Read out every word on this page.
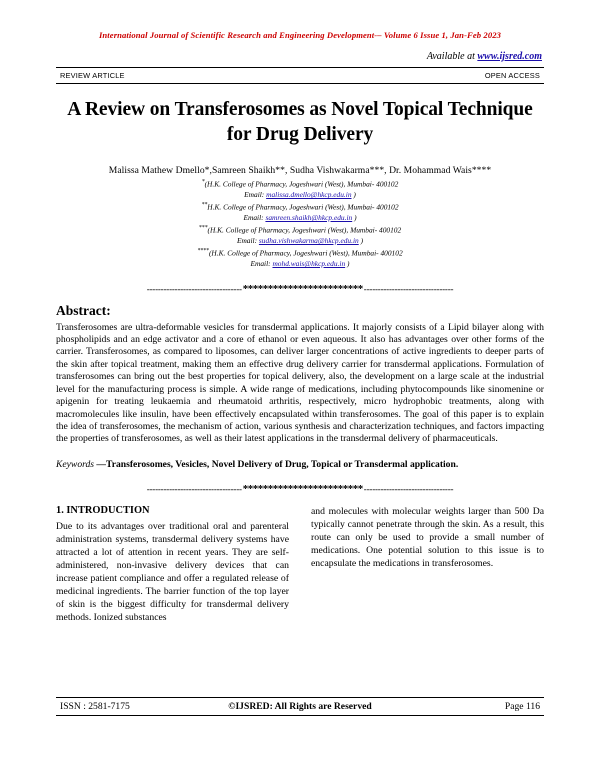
International Journal of Scientific Research and Engineering Development-– Volume 6 Issue 1, Jan-Feb 2023
Available at www.ijsred.com
REVIEW ARTICLE	OPEN ACCESS
A Review on Transferosomes as Novel Topical Technique for Drug Delivery
Malissa Mathew Dmello*,Samreen Shaikh**, Sudha Vishwakarma***, Dr. Mohammad Wais****
*(H.K. College of Pharmacy, Jogeshwari (West), Mumbai- 400102
Email: malissa.dmello@hkcp.edu.in )
**H.K. College of Pharmacy, Jogeshwari (West), Mumbai- 400102
Email: samreen.shaikh@hkcp.edu.in )
***(H.K. College of Pharmacy, Jogeshwari (West), Mumbai- 400102
Email: sudha.vishwakarma@hkcp.edu.in )
****(H.K. College of Pharmacy, Jogeshwari (West), Mumbai- 400102
Email: mohd.wais@hkcp.edu.in )
---------------------------------- ************************ --------------------------------
Abstract:

Transferosomes are ultra-deformable vesicles for transdermal applications. It majorly consists of a Lipid bilayer along with phospholipids and an edge activator and a core of ethanol or even aqueous. It also has advantages over other forms of the carrier. Transferosomes, as compared to liposomes, can deliver larger concentrations of active ingredients to deeper parts of the skin after topical treatment, making them an effective drug delivery carrier for transdermal applications. Formulation of transferosomes can bring out the best properties for topical delivery, also, the development on a large scale at the industrial level for the manufacturing process is simple. A wide range of medications, including phytocompounds like sinomenine or apigenin for treating leukaemia and rheumatoid arthritis, respectively, micro hydrophobic treatments, along with macromolecules like insulin, have been effectively encapsulated within transferosomes. The goal of this paper is to explain the idea of transferosomes, the mechanism of action, various synthesis and characterization techniques, and factors impacting the properties of transferosomes, as well as their latest applications in the transdermal delivery of pharmaceuticals.

Keywords —Transferosomes, Vesicles, Novel Delivery of Drug, Topical or Transdermal application.
---------------------------------- ************************ --------------------------------
1. INTRODUCTION

Due to its advantages over traditional oral and parenteral administration systems, transdermal delivery systems have attracted a lot of attention in recent years. They are self-administered, non-invasive delivery devices that can increase patient compliance and offer a regulated release of medicinal ingredients. The barrier function of the top layer of skin is the biggest difficulty for transdermal delivery methods. Ionized substances

and molecules with molecular weights larger than 500 Da typically cannot penetrate through the skin. As a result, this route can only be used to provide a small number of medications. One potential solution to this issue is to encapsulate the medications in transferosomes.

ISSN : 2581-7175	©IJSRED: All Rights are Reserved	Page 116
